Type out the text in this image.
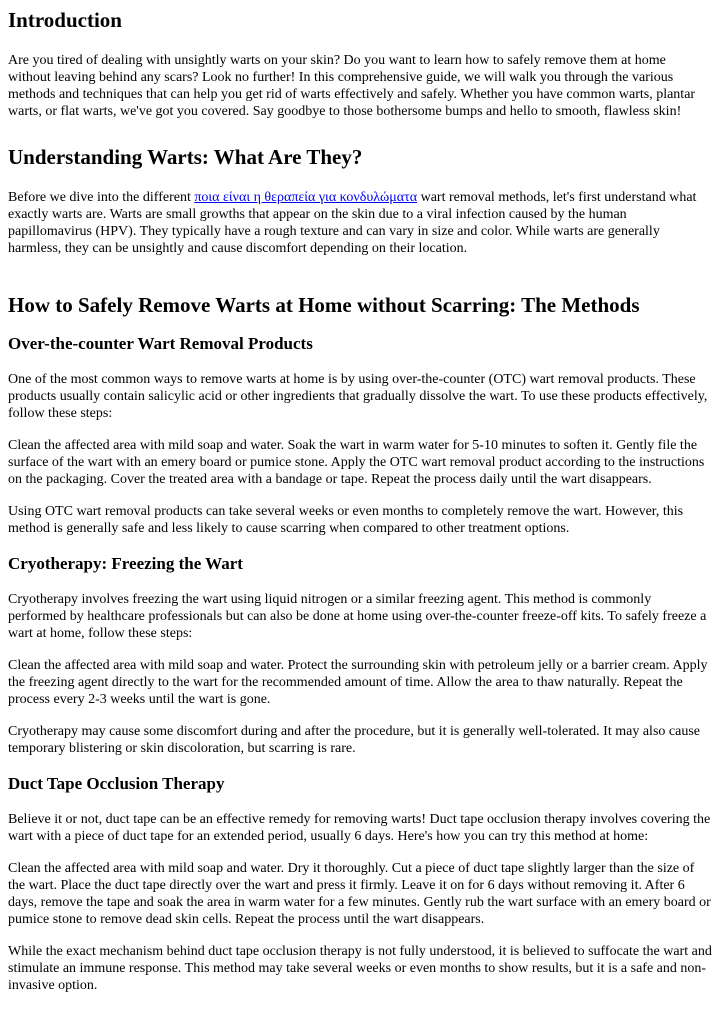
Introduction

Are you tired of dealing with unsightly warts on your skin? Do you want to learn how to safely remove them at home without leaving behind any scars? Look no further! In this comprehensive guide, we will walk you through the various methods and techniques that can help you get rid of warts effectively and safely. Whether you have common warts, plantar warts, or flat warts, we've got you covered. Say goodbye to those bothersome bumps and hello to smooth, flawless skin!

Understanding Warts: What Are They?

Before we dive into the different ποια είναι η θεραπεία για κονδυλώματα wart removal methods, let's first understand what exactly warts are. Warts are small growths that appear on the skin due to a viral infection caused by the human papillomavirus (HPV). They typically have a rough texture and can vary in size and color. While warts are generally harmless, they can be unsightly and cause discomfort depending on their location.

How to Safely Remove Warts at Home without Scarring: The Methods
Over-the-counter Wart Removal Products

One of the most common ways to remove warts at home is by using over-the-counter (OTC) wart removal products. These products usually contain salicylic acid or other ingredients that gradually dissolve the wart. To use these products effectively, follow these steps:

Clean the affected area with mild soap and water. Soak the wart in warm water for 5-10 minutes to soften it. Gently file the surface of the wart with an emery board or pumice stone. Apply the OTC wart removal product according to the instructions on the packaging. Cover the treated area with a bandage or tape. Repeat the process daily until the wart disappears.

Using OTC wart removal products can take several weeks or even months to completely remove the wart. However, this method is generally safe and less likely to cause scarring when compared to other treatment options.

Cryotherapy: Freezing the Wart

Cryotherapy involves freezing the wart using liquid nitrogen or a similar freezing agent. This method is commonly performed by healthcare professionals but can also be done at home using over-the-counter freeze-off kits. To safely freeze a wart at home, follow these steps:

Clean the affected area with mild soap and water. Protect the surrounding skin with petroleum jelly or a barrier cream. Apply the freezing agent directly to the wart for the recommended amount of time. Allow the area to thaw naturally. Repeat the process every 2-3 weeks until the wart is gone.

Cryotherapy may cause some discomfort during and after the procedure, but it is generally well-tolerated. It may also cause temporary blistering or skin discoloration, but scarring is rare.

Duct Tape Occlusion Therapy

Believe it or not, duct tape can be an effective remedy for removing warts! Duct tape occlusion therapy involves covering the wart with a piece of duct tape for an extended period, usually 6 days. Here's how you can try this method at home:

Clean the affected area with mild soap and water. Dry it thoroughly. Cut a piece of duct tape slightly larger than the size of the wart. Place the duct tape directly over the wart and press it firmly. Leave it on for 6 days without removing it. After 6 days, remove the tape and soak the area in warm water for a few minutes. Gently rub the wart surface with an emery board or pumice stone to remove dead skin cells. Repeat the process until the wart disappears.

While the exact mechanism behind duct tape occlusion therapy is not fully understood, it is believed to suffocate the wart and stimulate an immune response. This method may take several weeks or even months to show results, but it is a safe and non-invasive option.
